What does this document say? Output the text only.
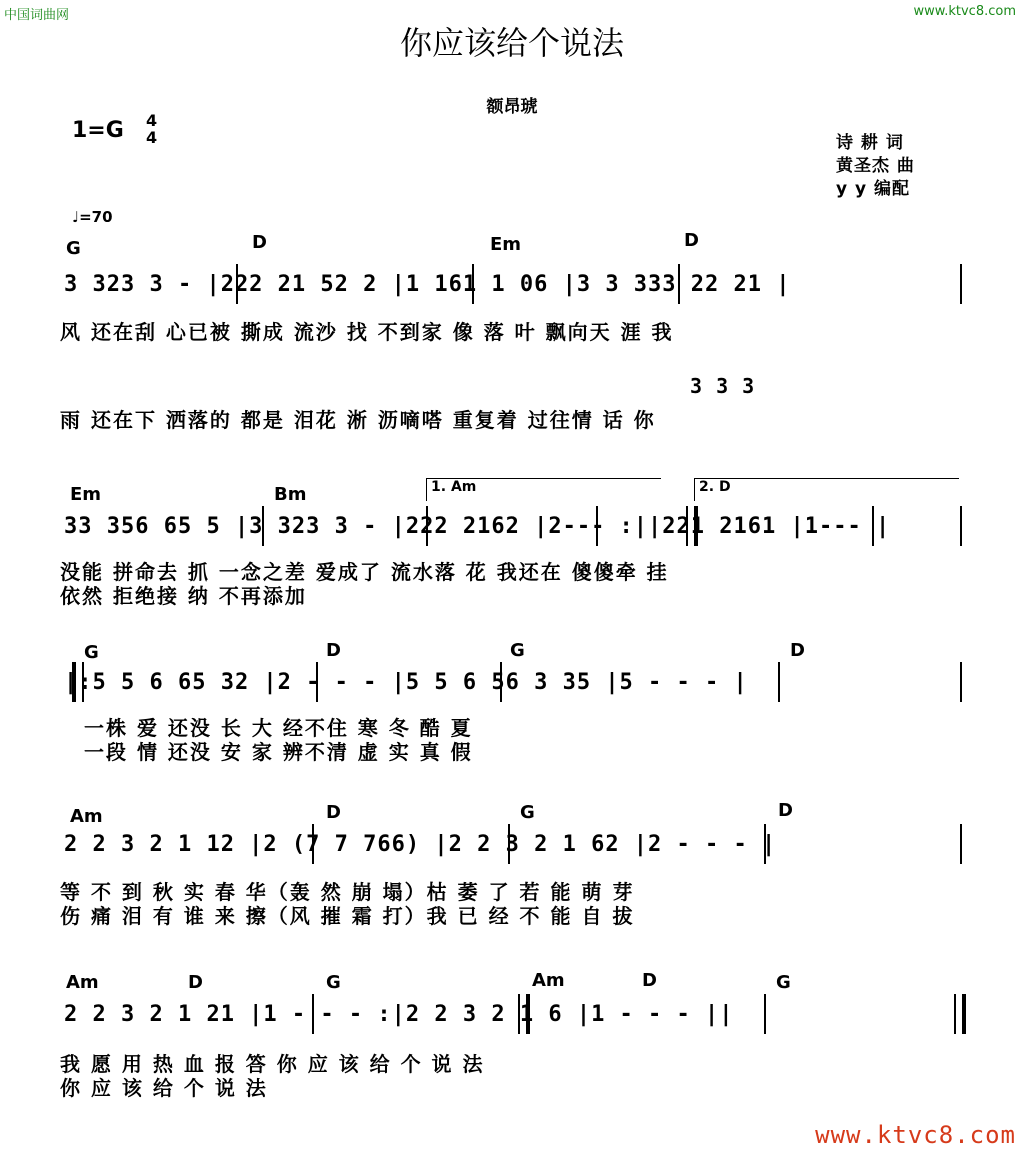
中国词曲网	www.ktvc8.com
你应该给个说法
额昂琥
1=G 4
4	诗 耕 词
黄圣杰 曲
y y 编配
♩=70
G	D	Em	D
3 323 3 - |222 21 52 2 |1 161 1 06 |3 3 333 22 21 |
风 还在刮 心已被 撕成 流沙 找 不到家 像 落 叶 飘向天 涯 我
3 3 3
雨 还在下 洒落的 都是 泪花 淅 沥嘀嗒 重复着 过往情 话 你
Em	Bm	1. Am	2. D
33 356 65 5 |3 323 3 - |222 2162 |2--- :||221 2161 |1--- |
没能 拼命去 抓 一念之差 爱成了 流水落 花 我还在 傻傻牵 挂
依然 拒绝接 纳 不再添加
G	D	G	D
|:5 5 6 65 32 |2 - - - |5 5 6 56 3 35 |5 - - - |
一株 爱 还没 长 大 经不住 寒 冬 酷 夏
一段 情 还没 安 家 辨不清 虚 实 真 假
Am	D	G	D
2 2 3 2 1 12 |2 (7 7 766) |2 2 3 2 1 62 |2 - - - |
等 不 到 秋 实 春 华（轰 然 崩 塌）枯 萎 了 若 能 萌 芽
伤 痛 泪 有 谁 来 擦（风 摧 霜 打）我 已 经 不 能 自 拔
Am	D	G	Am	D	G
2 2 3 2 1 21 |1 - - - :|2 2 3 2 1 6 |1 - - - ||
我 愿 用 热 血 报 答 你 应 该 给 个 说 法
你 应 该 给 个 说 法
www.ktvc8.com
